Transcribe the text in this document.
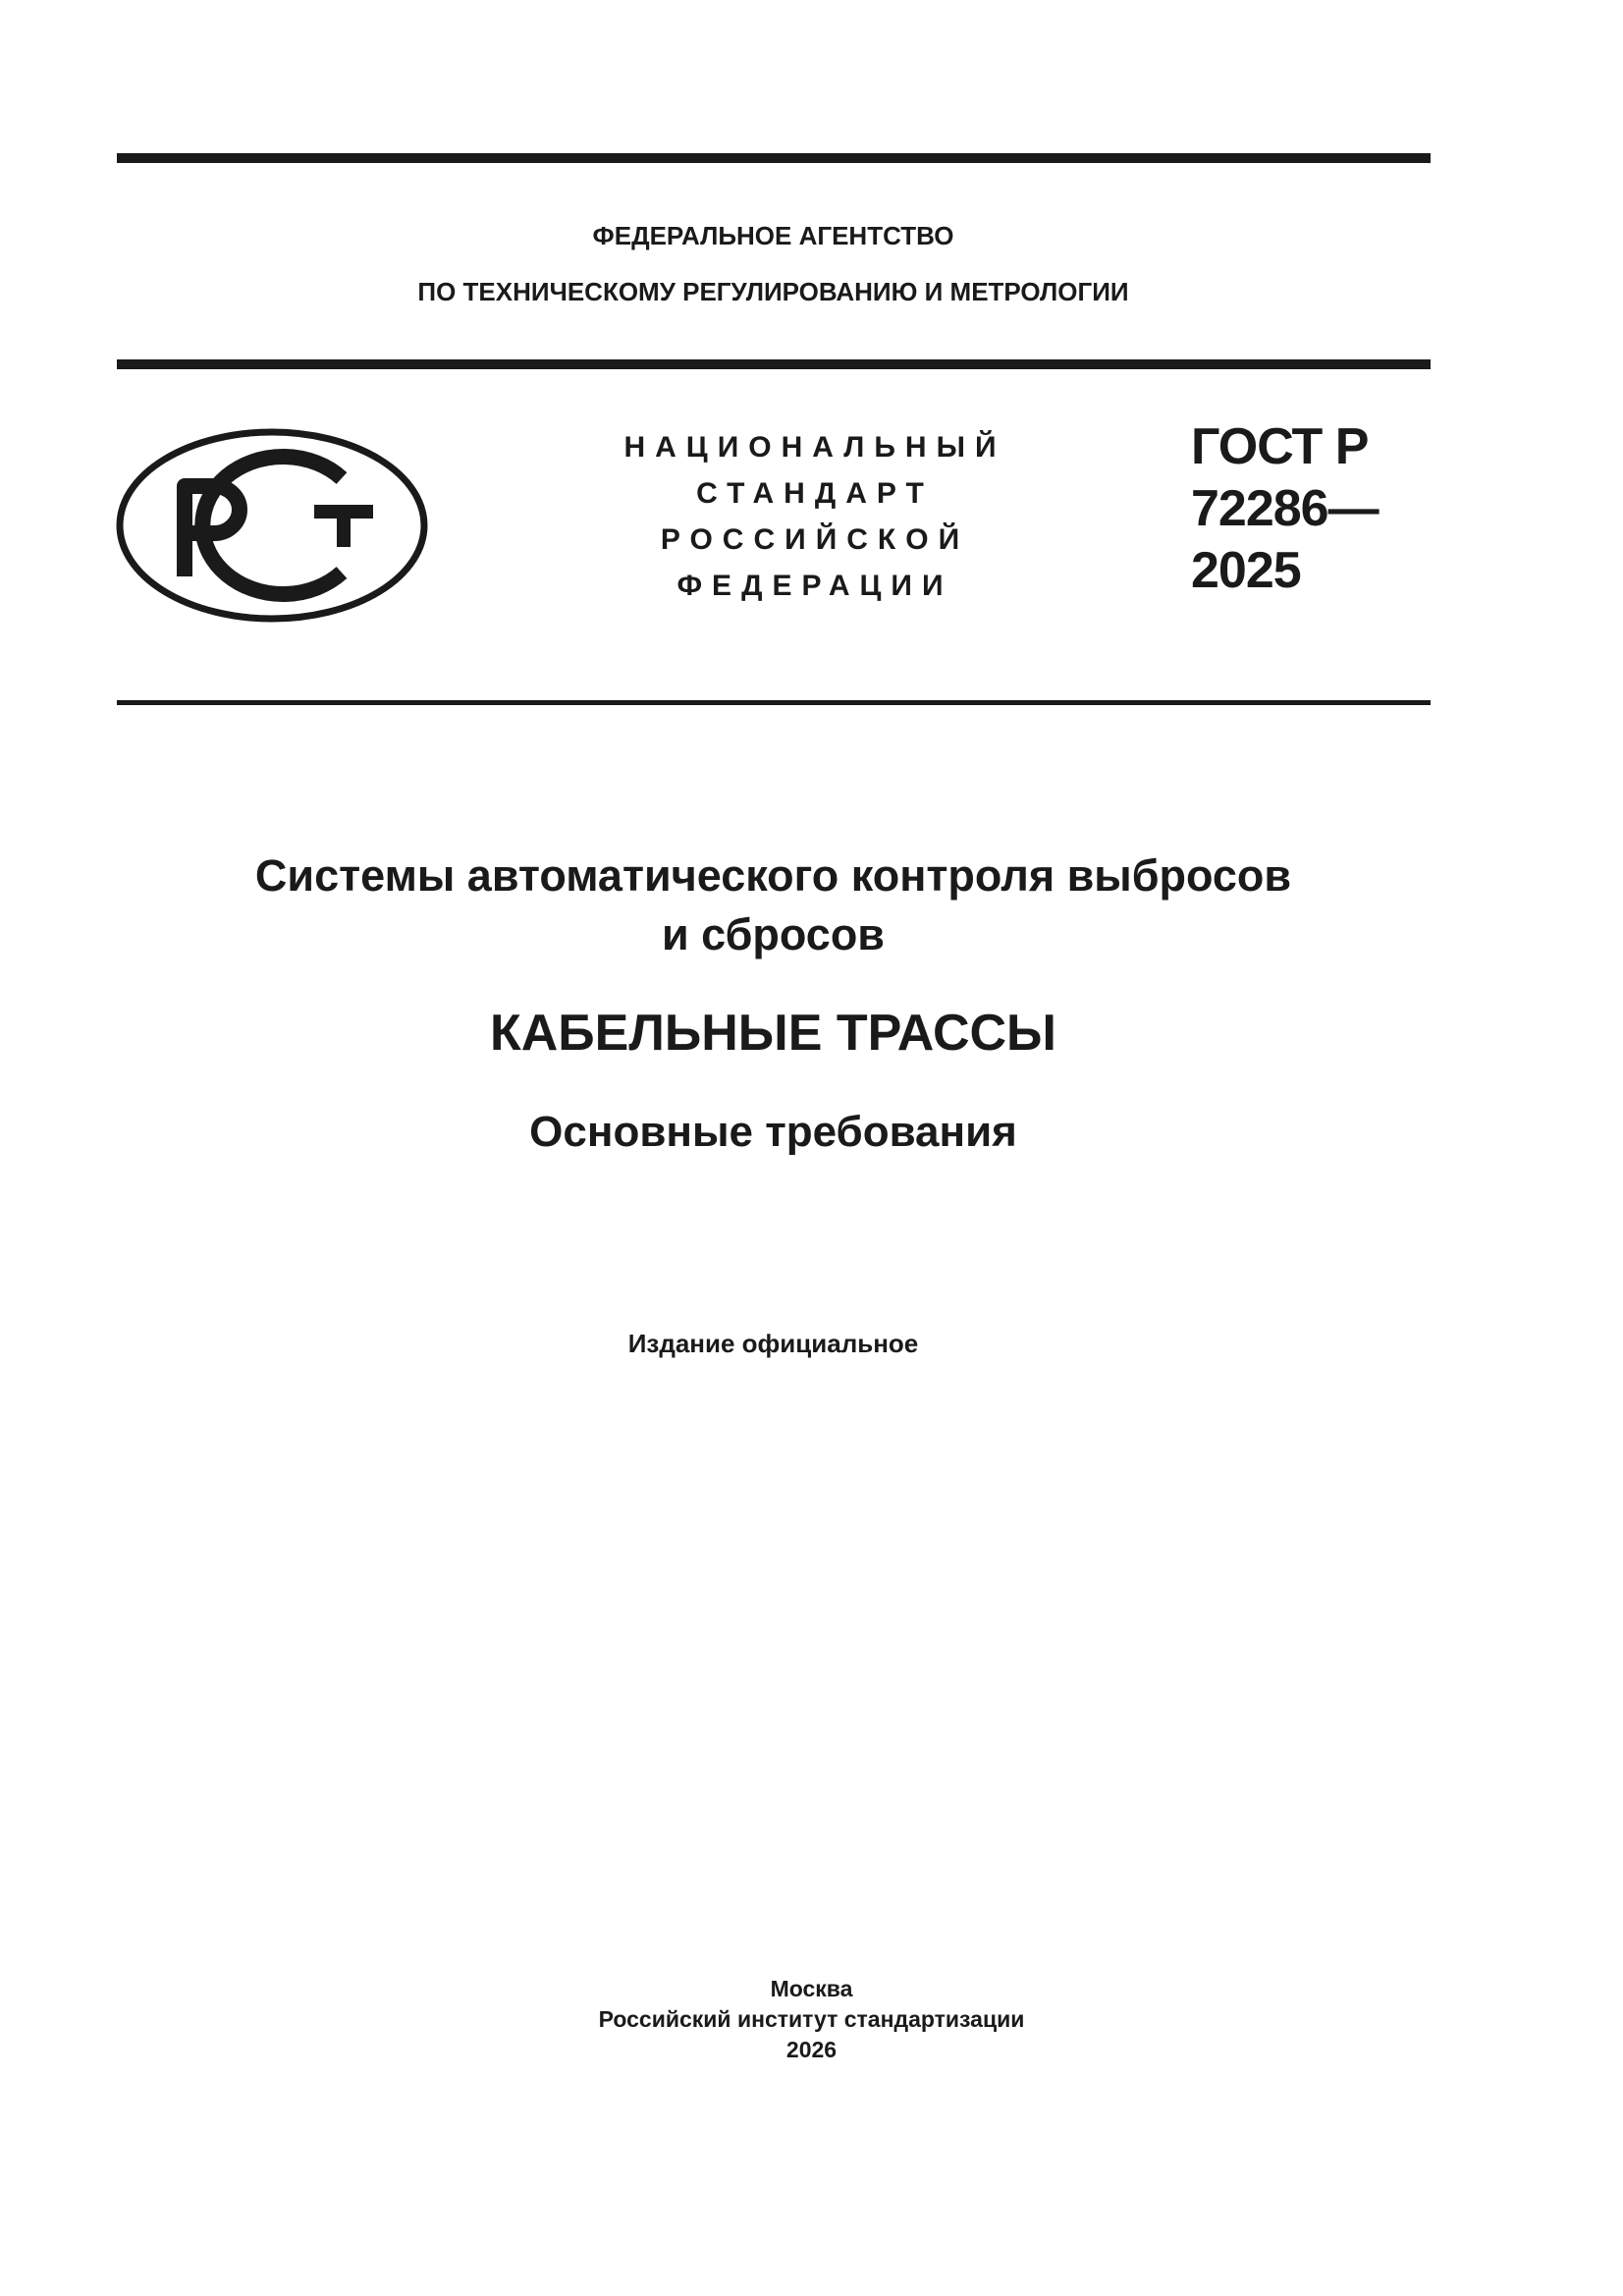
ФЕДЕРАЛЬНОЕ АГЕНТСТВО
ПО ТЕХНИЧЕСКОМУ РЕГУЛИРОВАНИЮ И МЕТРОЛОГИИ
НАЦИОНАЛЬНЫЙ
СТАНДАРТ
РОССИЙСКОЙ
ФЕДЕРАЦИИ
ГОСТ Р
72286—
2025
Системы автоматического контроля выбросов
и сбросов
КАБЕЛЬНЫЕ ТРАССЫ
Основные требования
Издание официальное
Москва
Российский институт стандартизации
2026
